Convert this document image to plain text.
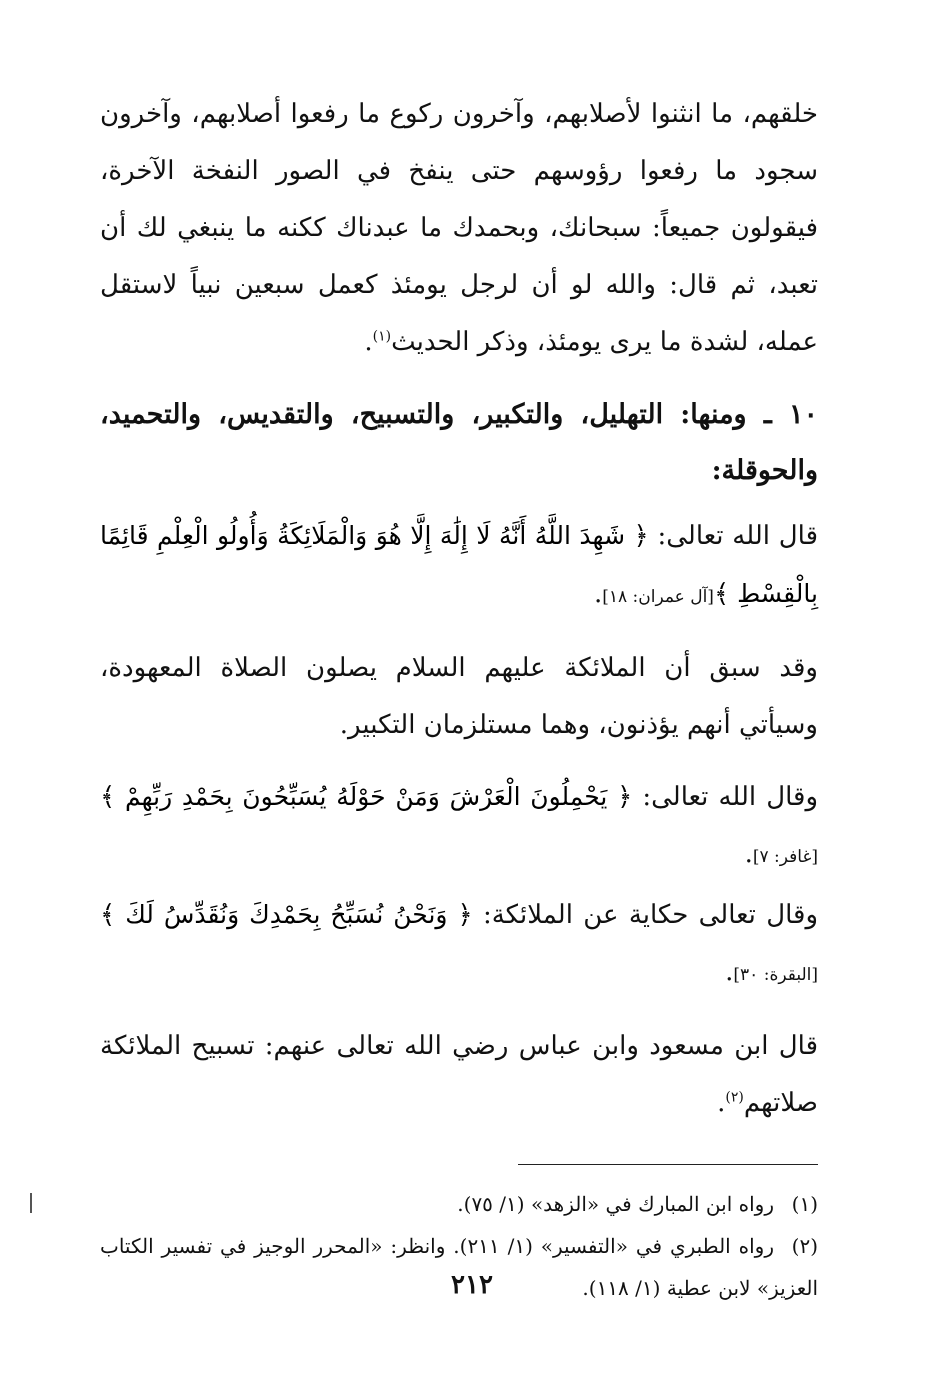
خلقهم، ما انثنوا لأصلابهم، وآخرون ركوع ما رفعوا أصلابهم، وآخرون سجود ما رفعوا رؤوسهم حتى ينفخ في الصور النفخة الآخرة، فيقولون جميعاً: سبحانك، وبحمدك ما عبدناك ككنه ما ينبغي لك أن تعبد، ثم قال: والله لو أن لرجل يومئذ كعمل سبعين نبياً لاستقل عمله، لشدة ما يرى يومئذ، وذكر الحديث$^{(١)}$.

١٠ ـ ومنها: التهليل، والتكبير، والتسبيح، والتقديس، والتحميد، والحوقلة:

قال الله تعالى: ﴿ شَهِدَ اللَّهُ أَنَّهُ لَا إِلَٰهَ إِلَّا هُوَ وَالْمَلَائِكَةُ وَأُولُو الْعِلْمِ قَائِمًا بِالْقِسْطِ ﴾[آل عمران: ١٨].

وقد سبق أن الملائكة عليهم السلام يصلون الصلاة المعهودة، وسيأتي أنهم يؤذنون، وهما مستلزمان التكبير.

وقال الله تعالى: ﴿ يَحْمِلُونَ الْعَرْشَ وَمَنْ حَوْلَهُ يُسَبِّحُونَ بِحَمْدِ رَبِّهِمْ ﴾[غافر: ٧].

وقال تعالى حكاية عن الملائكة: ﴿ وَنَحْنُ نُسَبِّحُ بِحَمْدِكَ وَنُقَدِّسُ لَكَ ﴾[البقرة: ٣٠].

قال ابن مسعود وابن عباس رضي الله تعالى عنهم: تسبيح الملائكة صلاتهم$^{(٢)}$.

(١)رواه ابن المبارك في «الزهد» (١/ ٧٥).

(٢)رواه الطبري في «التفسير» (١/ ٢١١). وانظر: «المحرر الوجيز في تفسير الكتاب العزيز» لابن عطية (١/ ١١٨).

٢١٢
